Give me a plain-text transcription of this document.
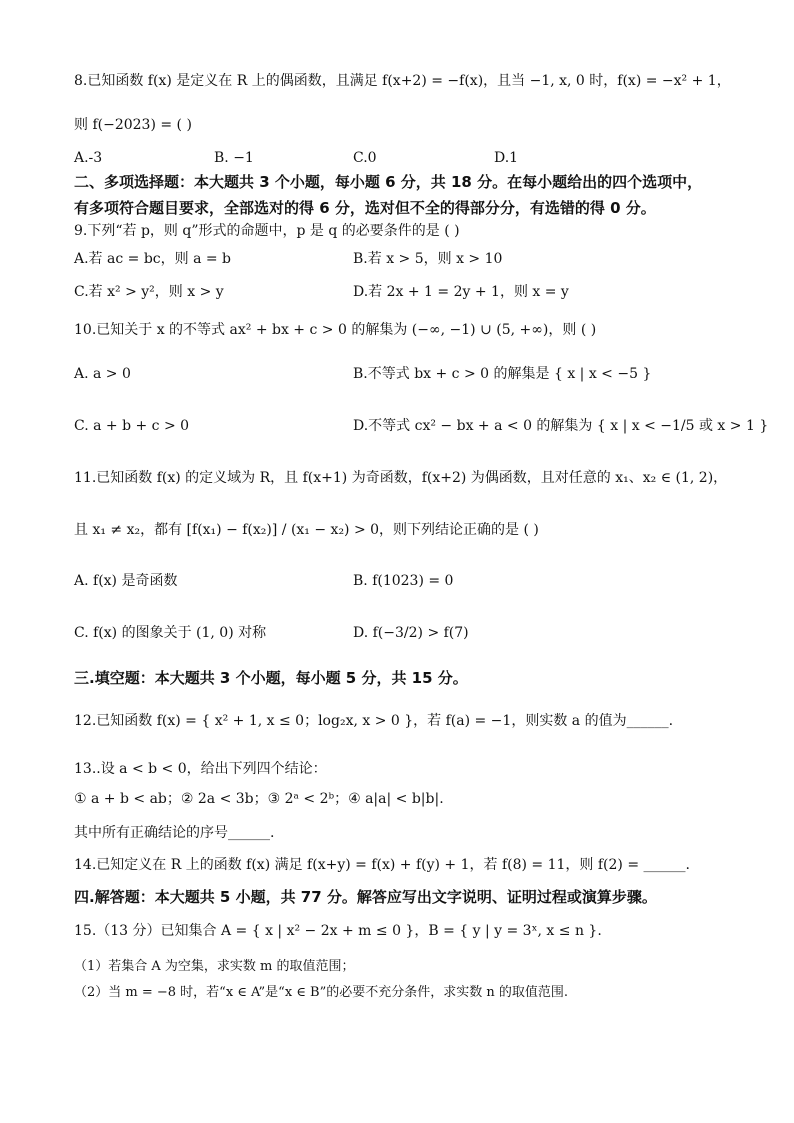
8.已知函数 f(x) 是定义在 R 上的偶函数，且满足 f(x+2) = −f(x)，且当 −1, x, 0 时，f(x) = −x² + 1，
则 f(−2023) = ( )
A.-3	B. −1	C.0	D.1
二、多项选择题：本大题共 3 个小题，每小题 6 分，共 18 分。在每小题给出的四个选项中，
有多项符合题目要求，全部选对的得 6 分，选对但不全的得部分分，有选错的得 0 分。
9.下列“若 p，则 q”形式的命题中，p 是 q 的必要条件的是 ( )
A.若 ac = bc，则 a = b	B.若 x > 5，则 x > 10
C.若 x² > y²，则 x > y	D.若 2x + 1 = 2y + 1，则 x = y
10.已知关于 x 的不等式 ax² + bx + c > 0 的解集为 (−∞, −1) ∪ (5, +∞)，则 ( )
A. a > 0	B.不等式 bx + c > 0 的解集是 { x | x < −5 }
C. a + b + c > 0	D.不等式 cx² − bx + a < 0 的解集为 { x | x < −1/5 或 x > 1 }
11.已知函数 f(x) 的定义域为 R，且 f(x+1) 为奇函数，f(x+2) 为偶函数，且对任意的 x₁、x₂ ∈ (1, 2)，
且 x₁ ≠ x₂，都有 [f(x₁) − f(x₂)] / (x₁ − x₂) > 0，则下列结论正确的是 ( )
A. f(x) 是奇函数	B. f(1023) = 0
C. f(x) 的图象关于 (1, 0) 对称	D. f(−3/2) > f(7)
三.填空题：本大题共 3 个小题，每小题 5 分，共 15 分。
12.已知函数 f(x) = { x² + 1, x ≤ 0；log₂x, x > 0 }，若 f(a) = −1，则实数 a 的值为______.
13..设 a < b < 0，给出下列四个结论：
① a + b < ab；② 2a < 3b；③ 2ᵃ < 2ᵇ；④ a|a| < b|b|.
其中所有正确结论的序号______.
14.已知定义在 R 上的函数 f(x) 满足 f(x+y) = f(x) + f(y) + 1，若 f(8) = 11，则 f(2) = ______.
四.解答题：本大题共 5 小题，共 77 分。解答应写出文字说明、证明过程或演算步骤。
15.（13 分）已知集合 A = { x | x² − 2x + m ≤ 0 }，B = { y | y = 3ˣ, x ≤ n }.
（1）若集合 A 为空集，求实数 m 的取值范围；
（2）当 m = −8 时，若“x ∈ A”是“x ∈ B”的必要不充分条件，求实数 n 的取值范围.
